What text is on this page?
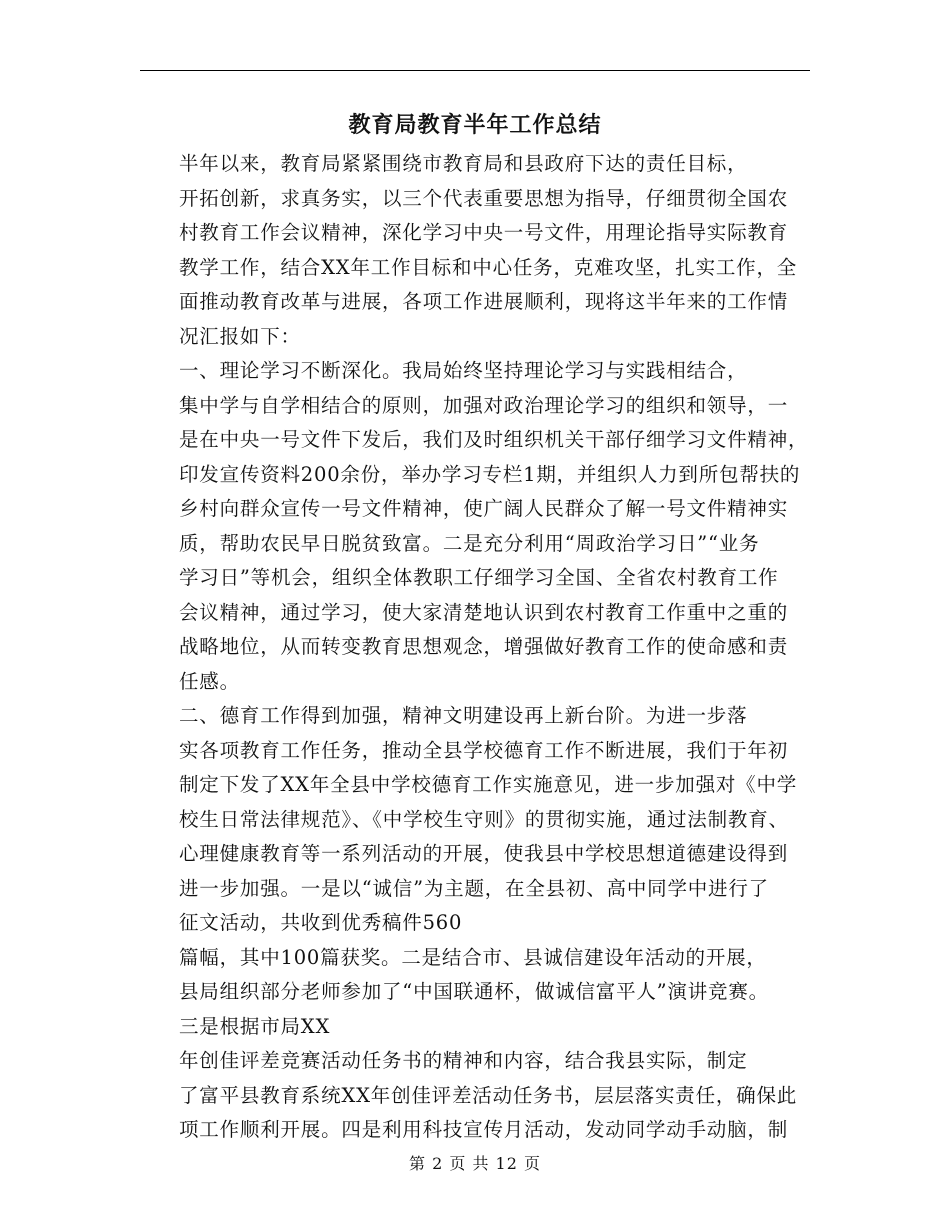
教育局教育半年工作总结

半年以来，教育局紧紧围绕市教育局和县政府下达的责任目标，
开拓创新，求真务实，以三个代表重要思想为指导，仔细贯彻全国农
村教育工作会议精神，深化学习中央一号文件，用理论指导实际教育
教学工作，结合XX年工作目标和中心任务，克难攻坚，扎实工作，全
面推动教育改革与进展，各项工作进展顺利，现将这半年来的工作情
况汇报如下：

一、理论学习不断深化。我局始终坚持理论学习与实践相结合，
集中学与自学相结合的原则，加强对政治理论学习的组织和领导，一
是在中央一号文件下发后，我们及时组织机关干部仔细学习文件精神，
印发宣传资料200余份，举办学习专栏1期，并组织人力到所包帮扶的
乡村向群众宣传一号文件精神，使广阔人民群众了解一号文件精神实
质，帮助农民早日脱贫致富。二是充分利用“周政治学习日”“业务
学习日”等机会，组织全体教职工仔细学习全国、全省农村教育工作
会议精神，通过学习，使大家清楚地认识到农村教育工作重中之重的
战略地位，从而转变教育思想观念，增强做好教育工作的使命感和责
任感。

二、德育工作得到加强，精神文明建设再上新台阶。为进一步落
实各项教育工作任务，推动全县学校德育工作不断进展，我们于年初
制定下发了XX年全县中学校德育工作实施意见，进一步加强对《中学
校生日常法律规范》、《中学校生守则》的贯彻实施，通过法制教育、
心理健康教育等一系列活动的开展，使我县中学校思想道德建设得到
进一步加强。一是以“诚信”为主题，在全县初、高中同学中进行了
征文活动，共收到优秀稿件560

篇幅，其中100篇获奖。二是结合市、县诚信建设年活动的开展，
县局组织部分老师参加了“中国联通杯，做诚信富平人”演讲竞赛。
三是根据市局XX

年创佳评差竞赛活动任务书的精神和内容，结合我县实际，制定
了富平县教育系统XX年创佳评差活动任务书，层层落实责任，确保此
项工作顺利开展。四是利用科技宣传月活动，发动同学动手动脑，制

第 2 页 共 12 页
